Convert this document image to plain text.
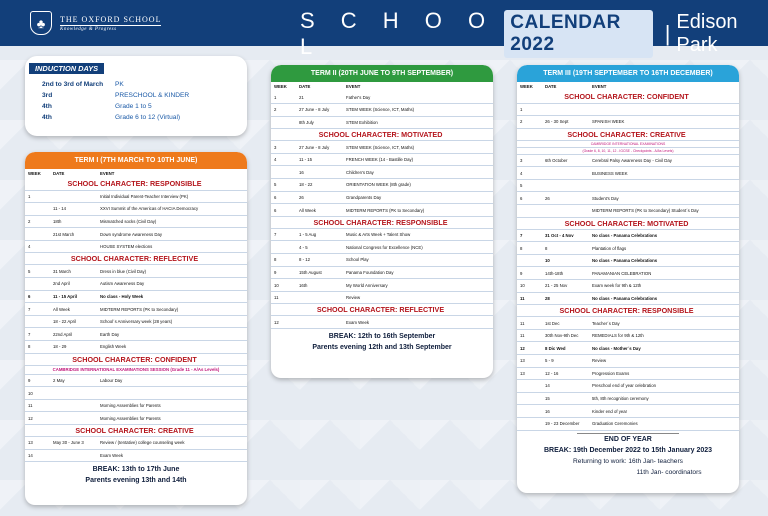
♣	THE OXFORD SCHOOL
Knowledge & Progress	S C H O O L
CALENDAR 2022	| Edison Park
INDUCTION DAYS
2nd to 3rd of March	PK
3rd	PRESCHOOL & KINDER
4th	Grade 1 to 5
4th	Grade 6 to 12 (Virtual)
TERM I (7TH MARCH TO 10TH JUNE)
WEEK	DATE	EVENT
SCHOOL CHARACTER: RESPONSIBLE		
1		Initial Individual Parent-Teacher Interview (PK)
	11 - 14	XXVI Summit of the Americas of HACIA Democracy
2	18th	Mismatched socks (Civil Day)
	21st March	Down syndrome Awareness Day
4		HOUSE SYSTEM elections
SCHOOL CHARACTER: REFLECTIVE		
5	31 March	Dress in blue (Civil Day)
	2nd April	Autism Awareness Day
6	11 - 15 April	No class - Holy Week
7	All Week	MIDTERM REPORTS (PK to Secondary)
	18 - 22 April	School´s Anniversary week (28 years)
7	22nd April	Earth Day
8	18 - 29	English Week
SCHOOL CHARACTER: CONFIDENT		
CAMBRIDGE INTERNATIONAL EXAMINATIONS SESSION (Grade 11 - A/As Levels)		
9	2 May	Labour Day
10		
11		Morning Assemblies for Parents
12		Morning Assemblies for Parents
SCHOOL CHARACTER: CREATIVE		
13	May 30 - June 3	Review / (tentative) college counseling week
14		Exam Week
BREAK: 13th to 17th June
Parents evening 13th and 14th
TERM II (20TH JUNE TO 9TH SEPTEMBER)
WEEK	DATE	EVENT
1	21	Father's Day
2	27 June - 8 July	STEM WEEK (Science, ICT, Maths)
	8th July	STEM Exhibition
SCHOOL CHARACTER: MOTIVATED		
3	27 June - 8 July	STEM WEEK (Science, ICT, Maths)
4	11 - 15	FRENCH WEEK (14 - Bastille Day)
	16	Children's Day
5	18 - 22	ORIENTATION WEEK (8th grade)
6	26	Grandparents Day
6	All Week	MIDTERM REPORTS (PK to Secondary)
SCHOOL CHARACTER: RESPONSIBLE		
7	1 - 5 Aug	Music & Arts Week + Talent Show
	4 - 5	National Congress for Excellence (NCE)
8	8 - 12	School Play
9	15th August	Panama Foundation Day
10	16th	My World Anniversary
11		Review
SCHOOL CHARACTER: REFLECTIVE		
12		Exam Week
BREAK: 12th to 16th September
Parents evening 12th and 13th September
TERM III (19TH SEPTEMBER TO 16TH DECEMBER)
WEEK	DATE	EVENT
SCHOOL CHARACTER: CONFIDENT		
1		
2	26 - 30 Sept	SPANISH WEEK
SCHOOL CHARACTER: CREATIVE		
CAMBRIDGE INTERNATIONAL EXAMINATIONS		
(Grade 6, 8, 10, 11, 12 - IGCSE - Checkpoints - A/As Levels)		
3	6th October	Cerebral Palsy Awareness Day - Civil Day
4		BUSINESS WEEK
5		
6	26	Student's Day
		MIDTERM REPORTS (PK to Secondary) Student´s Day
SCHOOL CHARACTER: MOTIVATED		
7	31 Oct - 4 Nov	No class - Panama Celebrations
8	8	Plantation of flags
	10	No class - Panama Celebrations
9	14th-18th	PANAMANIAN CELEBRATION
10	21 - 25 Nov	Exam week for 9th & 12th
11	28	No class - Panama Celebrations
SCHOOL CHARACTER: RESPONSIBLE		
11	1st Dec	Teacher´s Day
11	30th Nov-9th Dec	REMEDIALS for 9th & 12th
12	8 Dic Wed	No class - Mother´s Day
13	5 - 9	Review
13	12 - 16	Progression Exams
	14	Preschool end of year celebration
	15	5th, 8th recognition ceremony
	16	Kinder end of year
	19 - 23 December	Graduation Ceremonies
END OF YEAR
BREAK: 19th December 2022 to 15th January 2023
Returning to work: 16th Jan- teachers
11th Jan- coordinators
